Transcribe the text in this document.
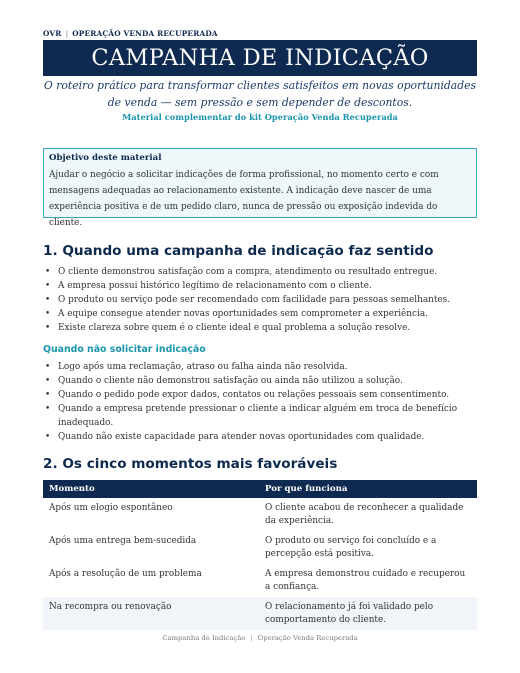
OVR | OPERAÇÃO VENDA RECUPERADA
CAMPANHA DE INDICAÇÃO
O roteiro prático para transformar clientes satisfeitos em novas oportunidades de venda — sem pressão e sem depender de descontos.
Material complementar do kit Operação Venda Recuperada
Objetivo deste material
Ajudar o negócio a solicitar indicações de forma profissional, no momento certo e com mensagens adequadas ao relacionamento existente. A indicação deve nascer de uma experiência positiva e de um pedido claro, nunca de pressão ou exposição indevida do cliente.
1. Quando uma campanha de indicação faz sentido
• O cliente demonstrou satisfação com a compra, atendimento ou resultado entregue.
• A empresa possui histórico legítimo de relacionamento com o cliente.
• O produto ou serviço pode ser recomendado com facilidade para pessoas semelhantes.
• A equipe consegue atender novas oportunidades sem comprometer a experiência.
• Existe clareza sobre quem é o cliente ideal e qual problema a solução resolve.
Quando não solicitar indicação
• Logo após uma reclamação, atraso ou falha ainda não resolvida.
• Quando o cliente não demonstrou satisfação ou ainda não utilizou a solução.
• Quando o pedido pode expor dados, contatos ou relações pessoais sem consentimento.
• Quando a empresa pretende pressionar o cliente a indicar alguém em troca de benefício inadequado.
• Quando não existe capacidade para atender novas oportunidades com qualidade.
2. Os cinco momentos mais favoráveis
Momento	Por que funciona
Após um elogio espontâneo	O cliente acabou de reconhecer a qualidade da experiência.
Após uma entrega bem-sucedida	O produto ou serviço foi concluído e a percepção está positiva.
Após a resolução de um problema	A empresa demonstrou cuidado e recuperou a confiança.
Na recompra ou renovação	O relacionamento já foi validado pelo comportamento do cliente.
Campanha de Indicação | Operação Venda Recuperada
